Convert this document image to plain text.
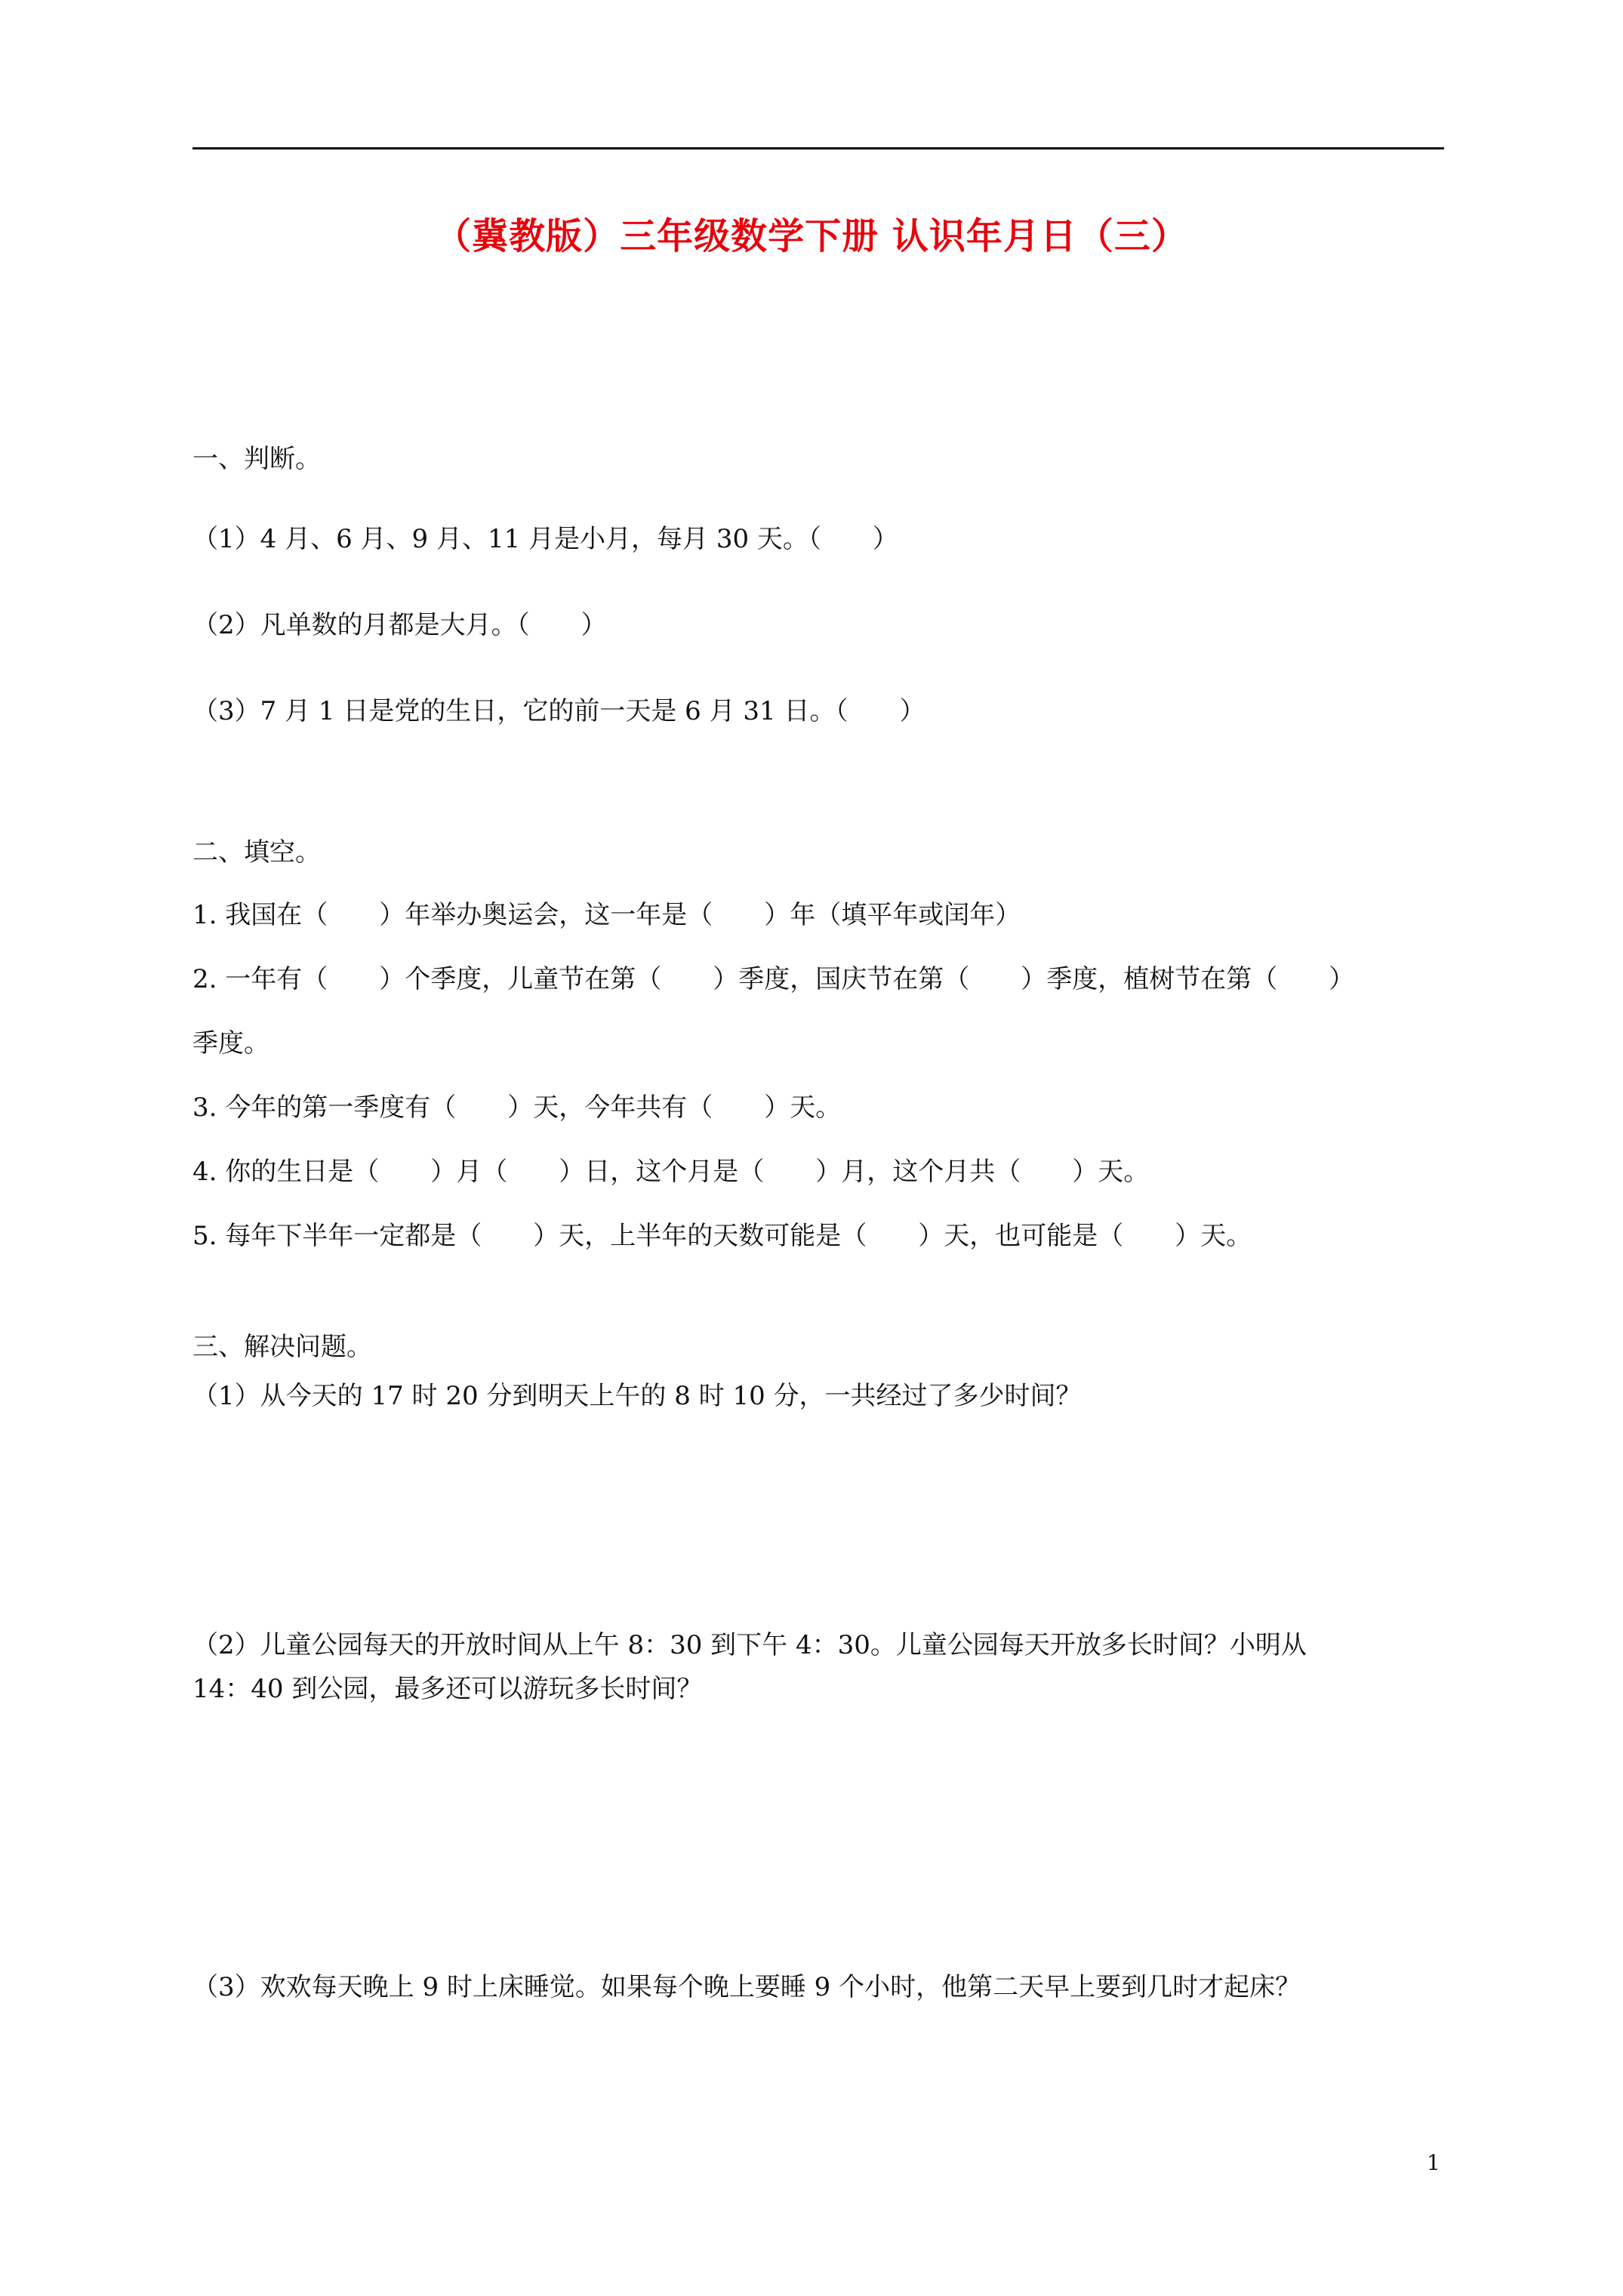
（冀教版）三年级数学下册 认识年月日（三）
一、判断。
（1）4 月、6 月、9 月、11 月是小月，每月 30 天。（　　）
（2）凡单数的月都是大月。（　　）
（3）7 月 1 日是党的生日，它的前一天是 6 月 31 日。（　　）
二、填空。
1. 我国在（　　）年举办奥运会，这一年是（　　）年（填平年或闰年）
2. 一年有（　　）个季度，儿童节在第（　　）季度，国庆节在第（　　）季度，植树节在第（　　）
季度。
3. 今年的第一季度有（　　）天，今年共有（　　）天。
4. 你的生日是（　　）月（　　）日，这个月是（　　）月，这个月共（　　）天。
5. 每年下半年一定都是（　　）天，上半年的天数可能是（　　）天，也可能是（　　）天。
三、解决问题。
（1）从今天的 17 时 20 分到明天上午的 8 时 10 分，一共经过了多少时间？
（2）儿童公园每天的开放时间从上午 8：30 到下午 4：30。儿童公园每天开放多长时间？小明从
14：40 到公园，最多还可以游玩多长时间？
（3）欢欢每天晚上 9 时上床睡觉。如果每个晚上要睡 9 个小时，他第二天早上要到几时才起床？
1
